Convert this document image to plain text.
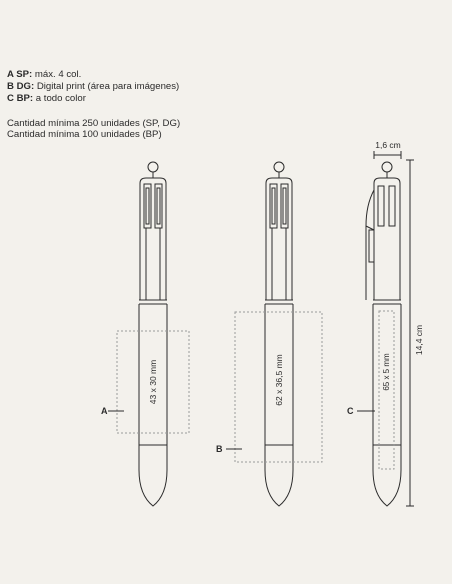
A SP: máx. 4 col.
B DG: Digital print (área para imágenes)
C BP: a todo color
Cantidad mínima 250 unidades (SP, DG)
Cantidad mínima 100 unidades (BP)
A
43 x 30 mm
B
62 x 36,5 mm
C
65 x 5 mm
1,6 cm
14,4 cm
